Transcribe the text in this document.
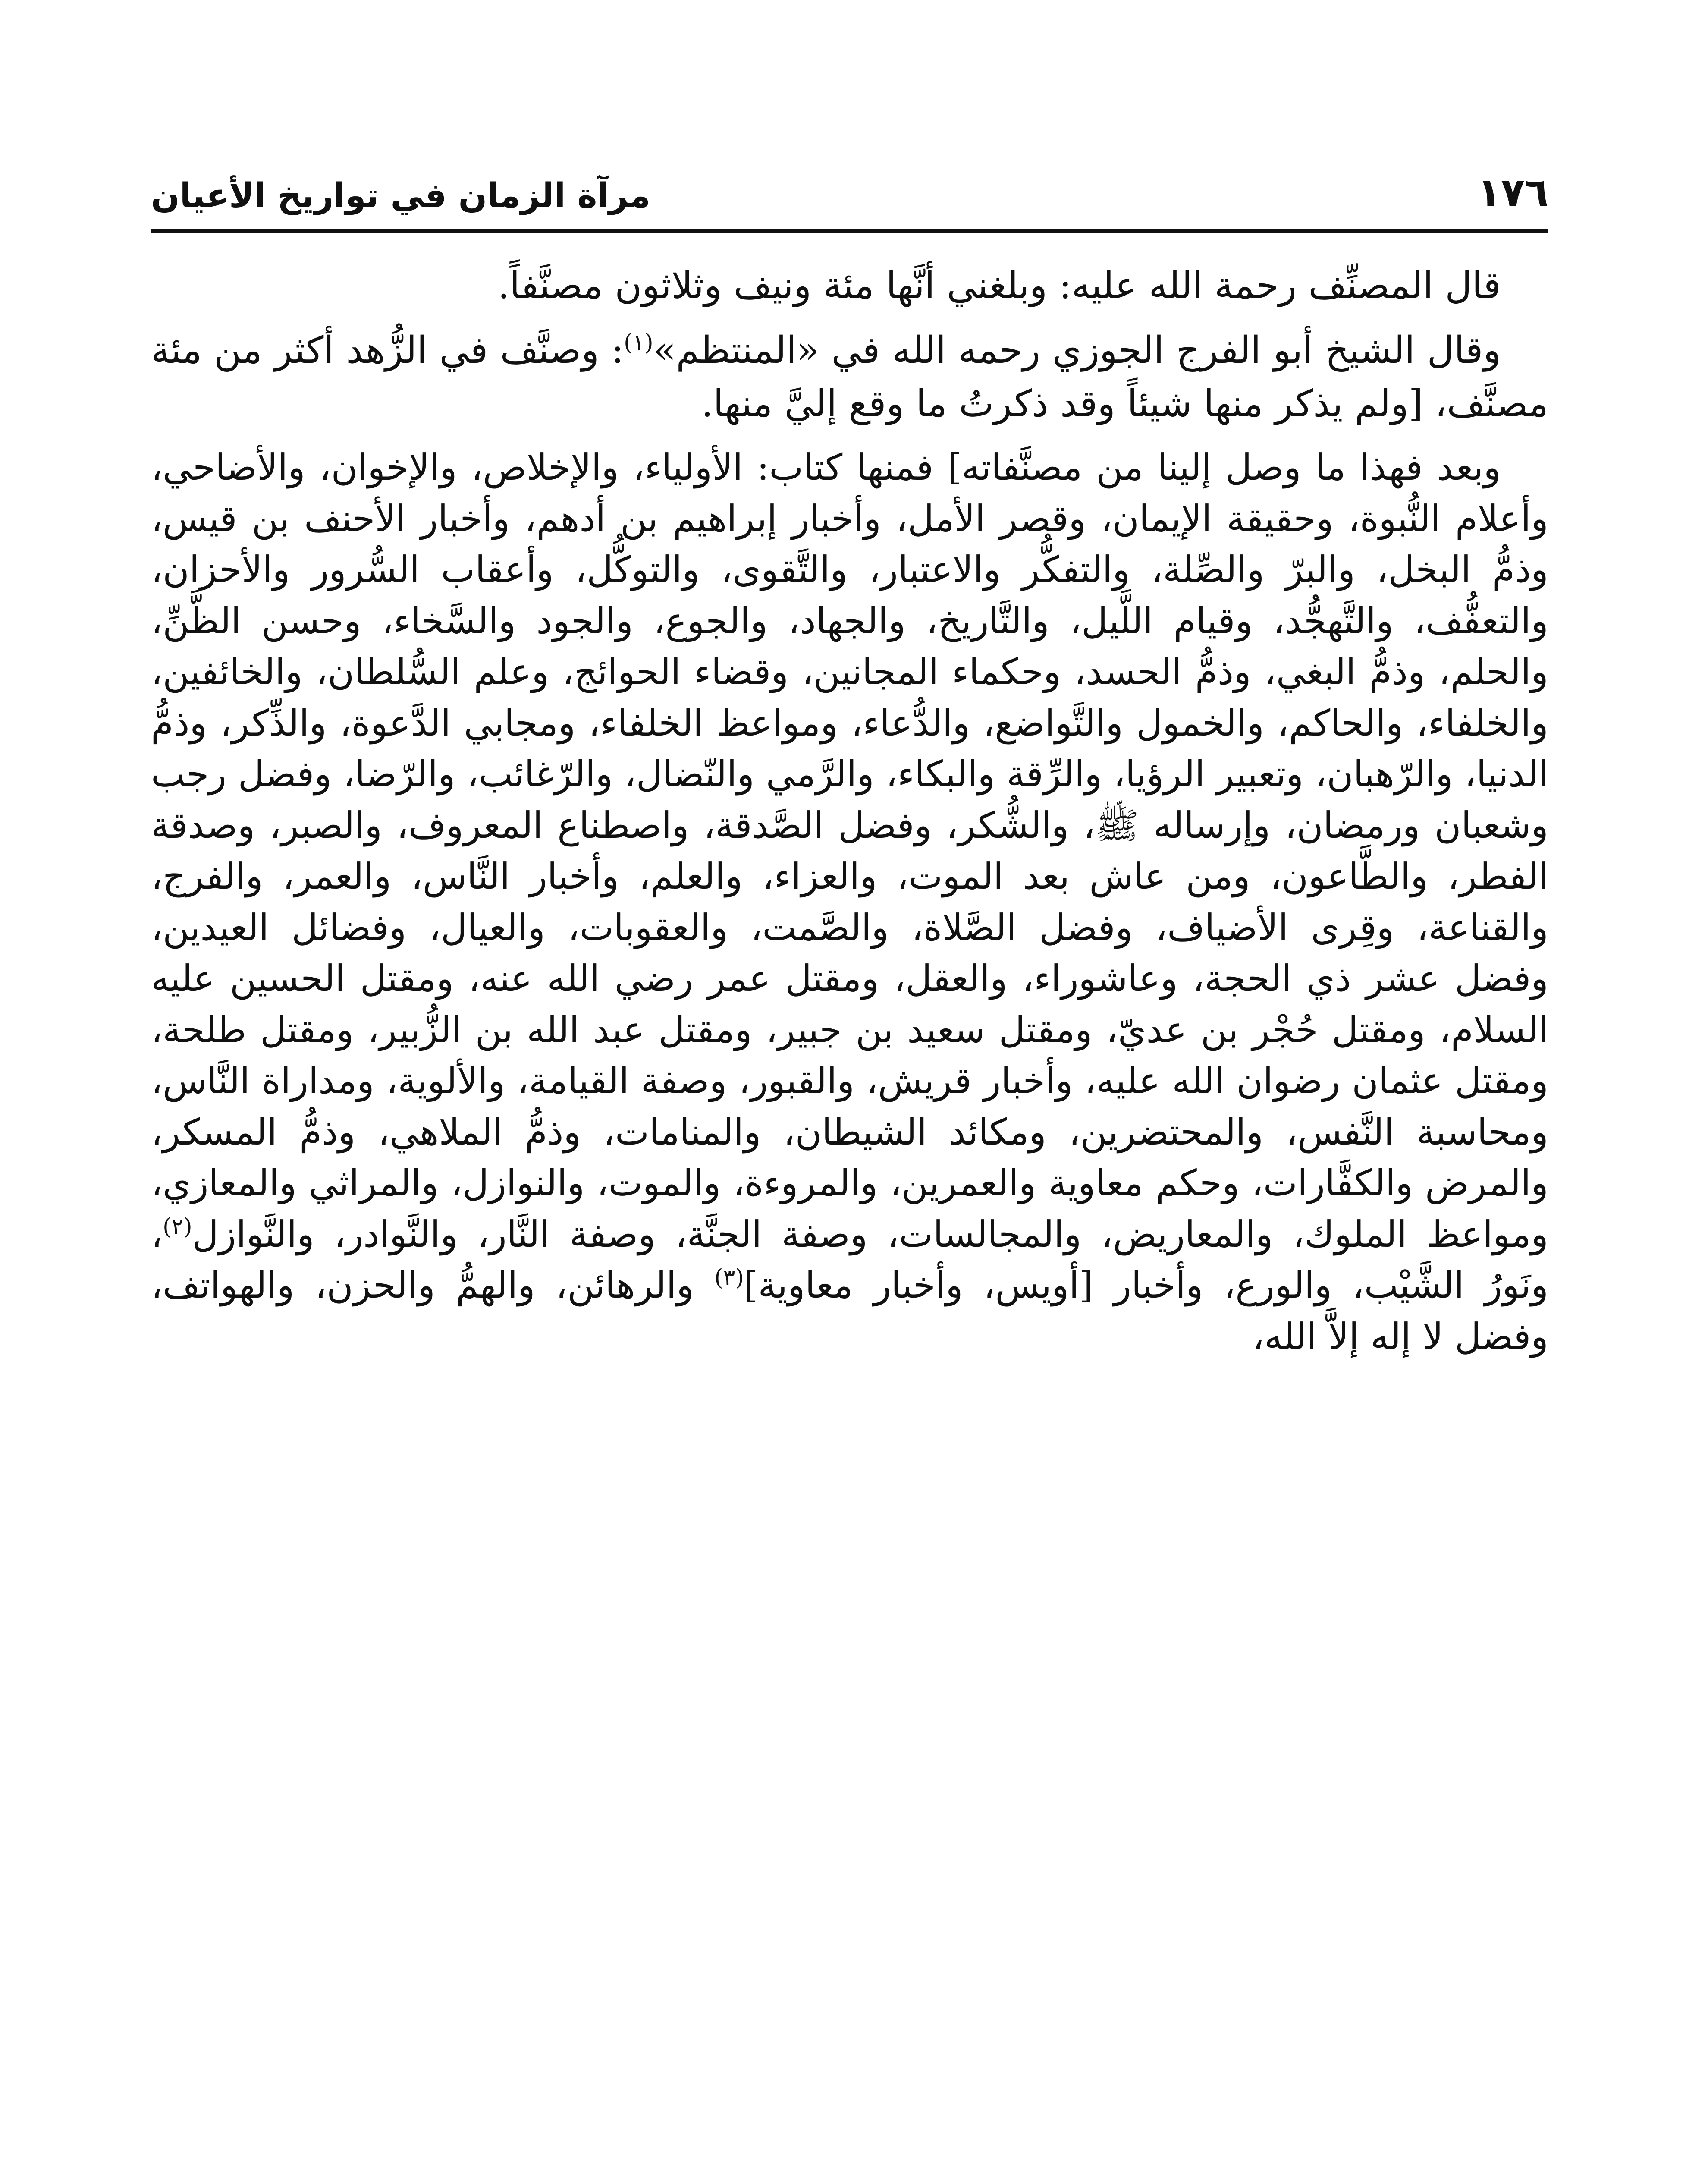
مرآة الزمان في تواريخ الأعيان	١٧٦

قال المصنِّف رحمة الله عليه: وبلغني أنَّها مئة ونيف وثلاثون مصنَّفاً.

وقال الشيخ أبو الفرج الجوزي رحمه الله في «المنتظم»$^{(١)}$: وصنَّف في الزُّهد أكثر من مئة مصنَّف، [ولم يذكر منها شيئاً وقد ذكرتُ ما وقع إليَّ منها.

وبعد فهذا ما وصل إلينا من مصنَّفاته] فمنها كتاب: الأولياء، والإخلاص، والإخوان، والأضاحي، وأعلام النُّبوة، وحقيقة الإيمان، وقصر الأمل، وأخبار إبراهيم بن أدهم، وأخبار الأحنف بن قيس، وذمُّ البخل، والبرّ والصِّلة، والتفكُّر والاعتبار، والتَّقوى، والتوكُّل، وأعقاب السُّرور والأحزان، والتعفُّف، والتَّهجُّد، وقيام اللَّيل، والتَّاريخ، والجهاد، والجوع، والجود والسَّخاء، وحسن الظَّنِّ، والحلم، وذمُّ البغي، وذمُّ الحسد، وحكماء المجانين، وقضاء الحوائج، وعلم السُّلطان، والخائفين، والخلفاء، والحاكم، والخمول والتَّواضع، والدُّعاء، ومواعظ الخلفاء، ومجابي الدَّعوة، والذِّكر، وذمُّ الدنيا، والرّهبان، وتعبير الرؤيا، والرِّقة والبكاء، والرَّمي والنّضال، والرّغائب، والرّضا، وفضل رجب وشعبان ورمضان، وإرساله ﷺ، والشُّكر، وفضل الصَّدقة، واصطناع المعروف، والصبر، وصدقة الفطر، والطَّاعون، ومن عاش بعد الموت، والعزاء، والعلم، وأخبار النَّاس، والعمر، والفرج، والقناعة، وقِرى الأضياف، وفضل الصَّلاة، والصَّمت، والعقوبات، والعيال، وفضائل العيدين، وفضل عشر ذي الحجة، وعاشوراء، والعقل، ومقتل عمر رضي الله عنه، ومقتل الحسين عليه السلام، ومقتل حُجْر بن عديّ، ومقتل سعيد بن جبير، ومقتل عبد الله بن الزُّبير، ومقتل طلحة، ومقتل عثمان رضوان الله عليه، وأخبار قريش، والقبور، وصفة القيامة، والألوية، ومداراة النَّاس، ومحاسبة النَّفس، والمحتضرين، ومكائد الشيطان، والمنامات، وذمُّ الملاهي، وذمُّ المسكر، والمرض والكفَّارات، وحكم معاوية والعمرين، والمروءة، والموت، والنوازل، والمراثي والمعازي، ومواعظ الملوك، والمعاريض، والمجالسات، وصفة الجنَّة، وصفة النَّار، والنَّوادر، والنَّوازل$^{(٢)}$، ونَورُ الشَّيْب، والورع، وأخبار [أويس، وأخبار معاوية]$^{(٣)}$ والرهائن، والهمُّ والحزن، والهواتف، وفضل لا إله إلاَّ الله،
